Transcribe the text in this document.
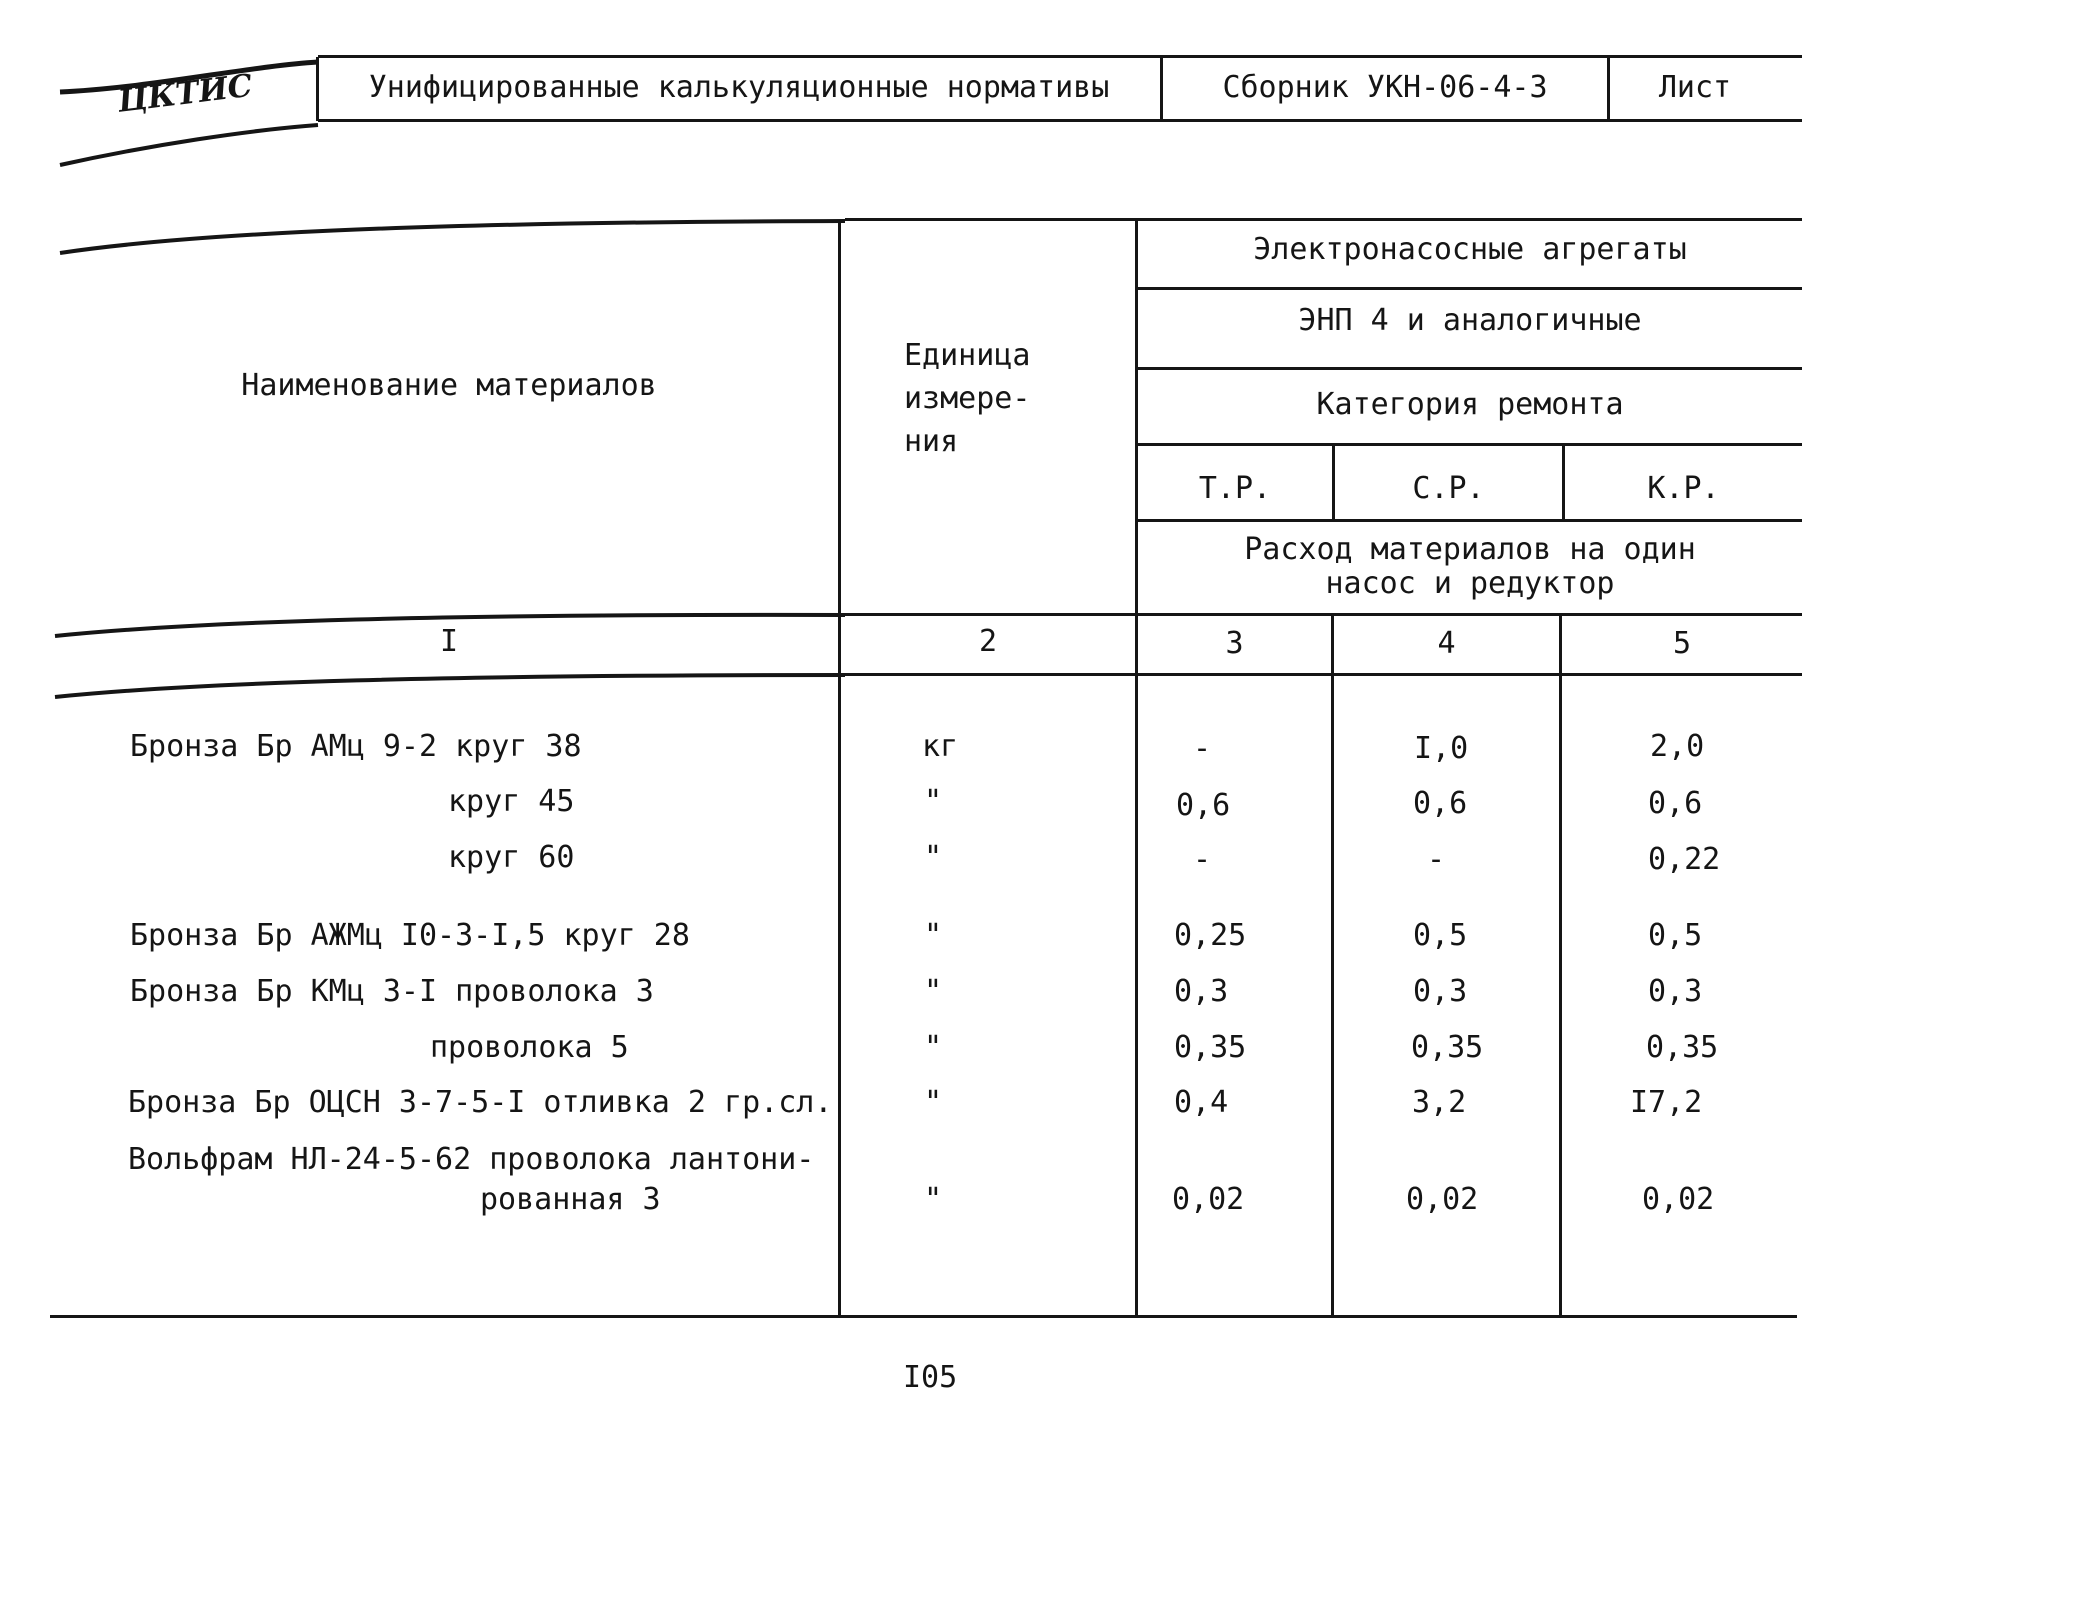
ЦКТИС	Унифицированные калькуляционные нормативы	Сборник УКН-06-4-3	Лист
Наименование материалов
Единица
измере-
ния
Электронасосные агрегаты
ЭНП 4 и аналогичные
Категория ремонта
Т.Р.	С.Р.	К.Р.
Расход материалов на один
насос и редуктор
I	2	3	4	5
Бронза Бр АМц 9-2 круг 38	кг	-	I,0	2,0
круг 45	"	0,6	0,6	0,6
круг 60	"	-	-	0,22
Бронза Бр АЖМц I0-3-I,5 круг 28	"	0,25	0,5	0,5
Бронза Бр КМц 3-I проволока 3	"	0,3	0,3	0,3
проволока 5	"	0,35	0,35	0,35
Бронза Бр ОЦСН 3-7-5-I отливка 2 гр.сл.	"	0,4	3,2	I7,2
Вольфрам НЛ-24-5-62 проволока лантони-
рованная 3	"	0,02	0,02	0,02
I05
